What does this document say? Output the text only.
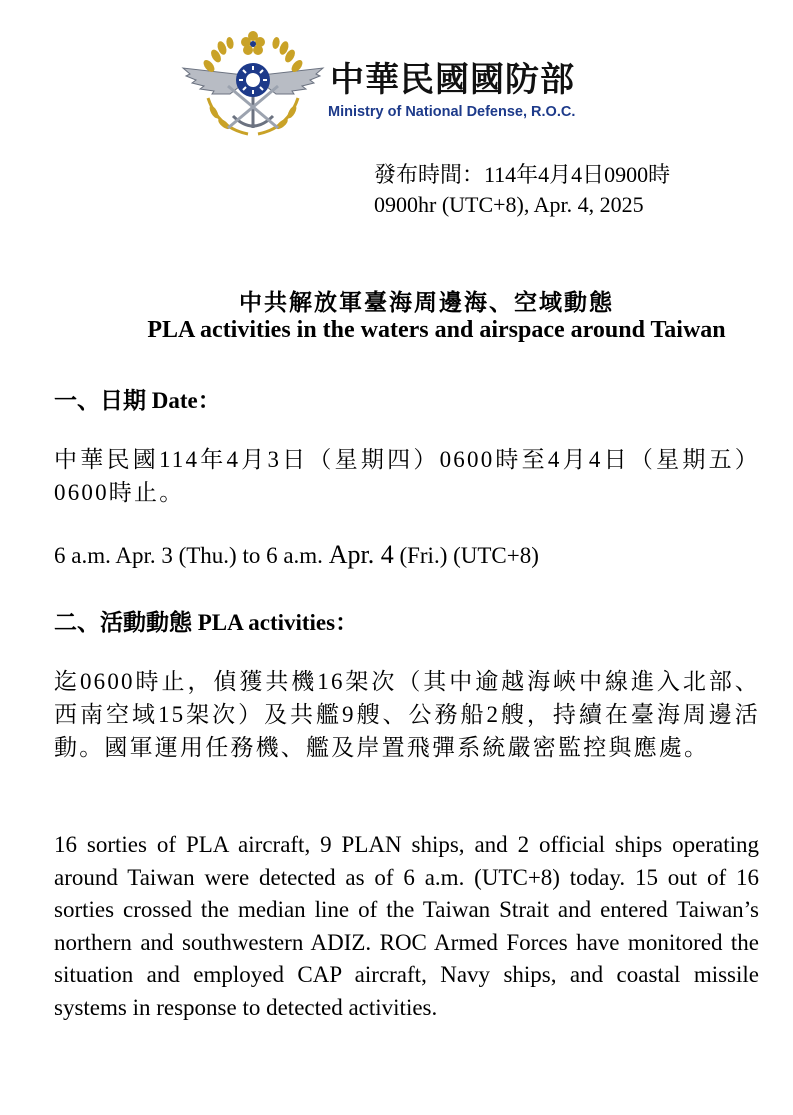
中華民國國防部
Ministry of National Defense, R.O.C.
發布時間：114年4月4日0900時
0900hr (UTC+8), Apr. 4, 2025
中共解放軍臺海周邊海、空域動態
PLA activities in the waters and airspace around Taiwan
一、日期 Date：
中華民國114年4月3日（星期四）0600時至4月4日（星期五）0600時止。
6 a.m. Apr. 3 (Thu.) to 6 a.m. Apr. 4 (Fri.) (UTC+8)
二、活動動態 PLA activities：
迄0600時止，偵獲共機16架次（其中逾越海峽中線進入北部、西南空域15架次）及共艦9艘、公務船2艘，持續在臺海周邊活動。國軍運用任務機、艦及岸置飛彈系統嚴密監控與應處。
16 sorties of PLA aircraft, 9 PLAN ships, and 2 official ships operating around Taiwan were detected as of 6 a.m. (UTC+8) today. 15 out of 16 sorties crossed the median line of the Taiwan Strait and entered Taiwan’s northern and southwestern ADIZ. ROC Armed Forces have monitored the situation and employed CAP aircraft, Navy ships, and coastal missile systems in response to detected activities.
